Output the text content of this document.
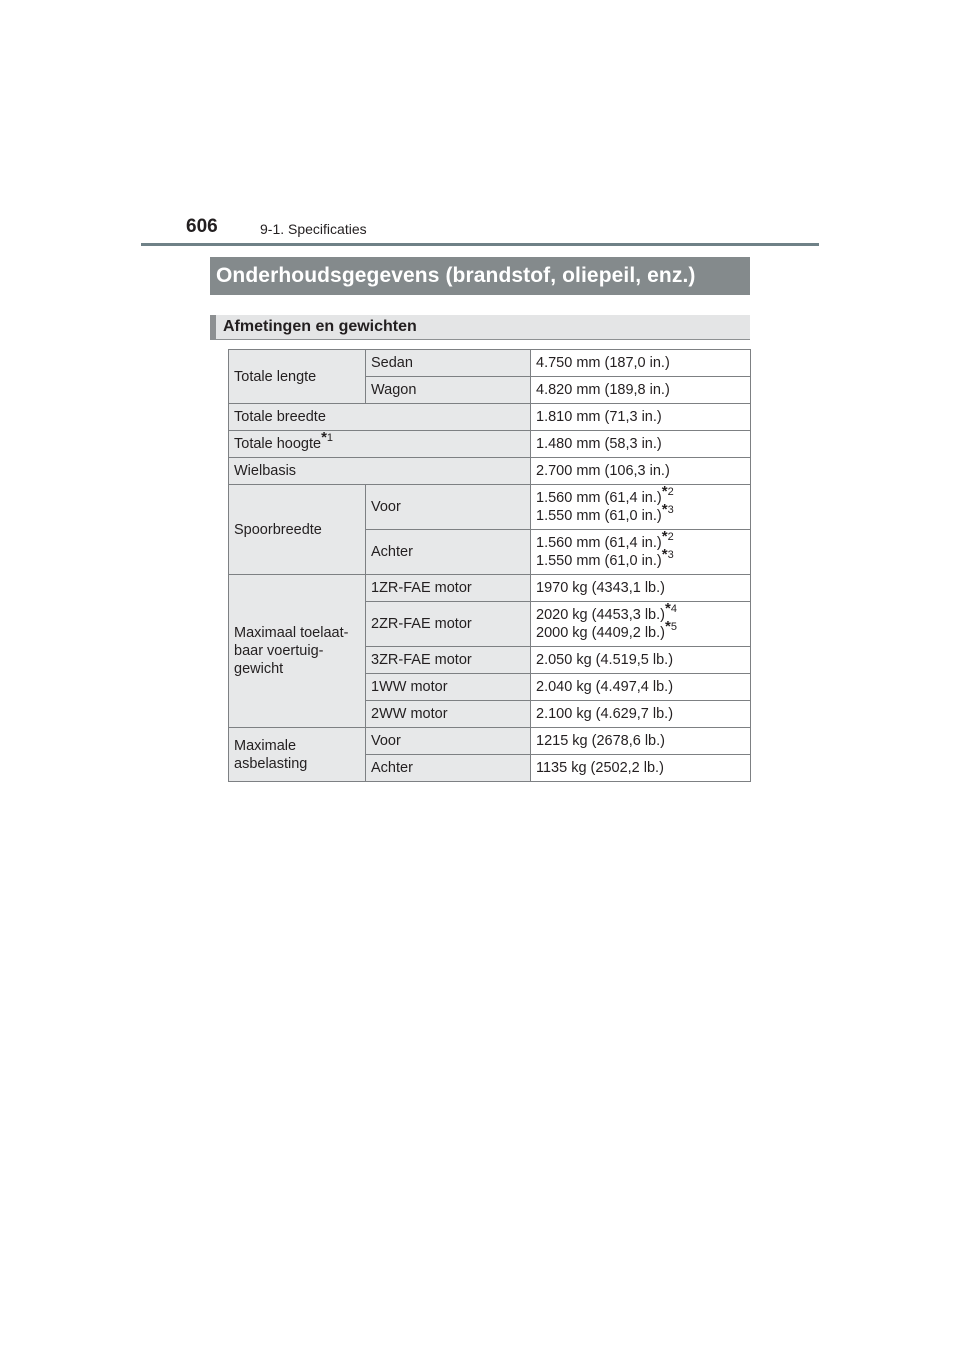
606	9-1. Specificaties
Onderhoudsgegevens (brandstof, oliepeil, enz.)
Afmetingen en gewichten
Totale lengte	Sedan	4.750 mm (187,0 in.)
	Wagon	4.820 mm (189,8 in.)
Totale breedte		1.810 mm (71,3 in.)
Totale hoogte*$^1$		1.480 mm (58,3 in.)
Wielbasis		2.700 mm (106,3 in.)
Spoorbreedte	Voor	1.560 mm (61,4 in.)*$^2$
1.550 mm (61,0 in.)*$^3$

	Achter	1.560 mm (61,4 in.)*$^2$
1.550 mm (61,0 in.)*$^3$

Maximaal toelaat-
baar voertuig-
gewicht	1ZR-FAE motor	1970 kg (4343,1 lb.)
	2ZR-FAE motor	2020 kg (4453,3 lb.)*$^4$
2000 kg (4409,2 lb.)*$^5$

	3ZR-FAE motor	2.050 kg (4.519,5 lb.)
	1WW motor	2.040 kg (4.497,4 lb.)
	2WW motor	2.100 kg (4.629,7 lb.)

Maximale
asbelasting	Voor	1215 kg (2678,6 lb.)
	Achter	1135 kg (2502,2 lb.)
